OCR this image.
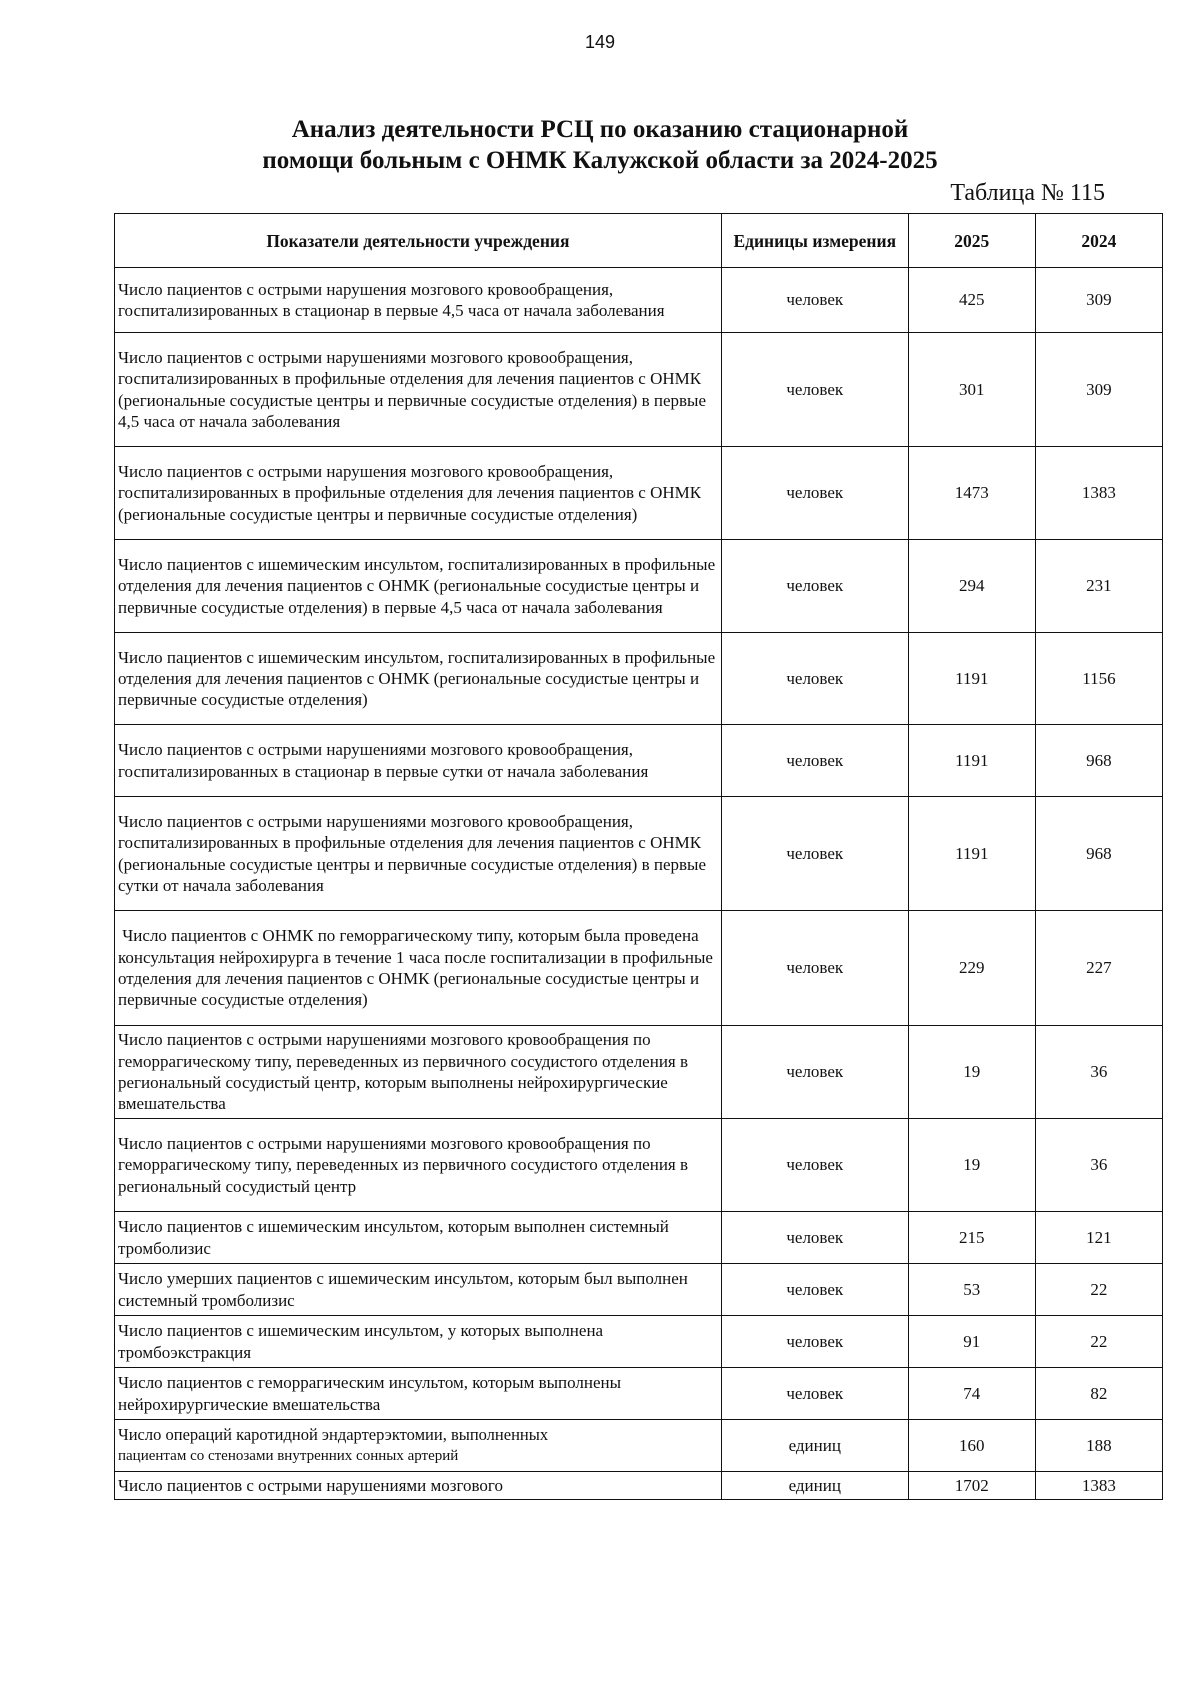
149
Анализ деятельности РСЦ по оказанию стационарной
помощи больным с ОНМК Калужской области за 2024-2025
Таблица № 115
Показатели деятельности учреждения	Единицы измерения	2025	2024
Число пациентов с острыми нарушения мозгового кровообращения, госпитализированных в стационар в первые 4,5 часа от начала заболевания	человек	425	309
Число пациентов с острыми нарушениями мозгового кровообращения, госпитализированных в профильные отделения для лечения пациентов с ОНМК (региональные сосудистые центры и первичные сосудистые отделения) в первые 4,5 часа от начала заболевания	человек	301	309
Число пациентов с острыми нарушения мозгового кровообращения, госпитализированных в профильные отделения для лечения пациентов с ОНМК (региональные сосудистые центры и первичные сосудистые отделения)	человек	1473	1383
Число пациентов с ишемическим инсультом, госпитализированных в профильные отделения для лечения пациентов с ОНМК (региональные сосудистые центры и первичные сосудистые отделения) в первые 4,5 часа от начала заболевания	человек	294	231
Число пациентов с ишемическим инсультом, госпитализированных в профильные отделения для лечения пациентов с ОНМК (региональные сосудистые центры и первичные сосудистые отделения)	человек	1191	1156
Число пациентов с острыми нарушениями мозгового кровообращения, госпитализированных в стационар в первые сутки от начала заболевания	человек	1191	968
Число пациентов с острыми нарушениями мозгового кровообращения, госпитализированных в профильные отделения для лечения пациентов с ОНМК (региональные сосудистые центры и первичные сосудистые отделения) в первые сутки от начала заболевания	человек	1191	968
Число пациентов с ОНМК по геморрагическому типу, которым была проведена консультация нейрохирурга в течение 1 часа после госпитализации в профильные отделения для лечения пациентов с ОНМК (региональные сосудистые центры и первичные сосудистые отделения)	человек	229	227
Число пациентов с острыми нарушениями мозгового кровообращения по геморрагическому типу, переведенных из первичного сосудистого отделения в региональный сосудистый центр, которым выполнены нейрохирургические вмешательства	человек	19	36
Число пациентов с острыми нарушениями мозгового кровообращения по геморрагическому типу, переведенных из первичного сосудистого отделения в региональный сосудистый центр	человек	19	36
Число пациентов с ишемическим инсультом, которым выполнен системный тромболизис	человек	215	121
Число умерших пациентов с ишемическим инсультом, которым был выполнен системный тромболизис	человек	53	22
Число пациентов с ишемическим инсультом, у которых выполнена тромбоэкстракция	человек	91	22
Число пациентов с геморрагическим инсультом, которым выполнены нейрохирургические вмешательства	человек	74	82

Число операций каротидной эндартерэктомии, выполненных
пациентам со стенозами внутренних сонных артерий	единиц	160	188
Число пациентов с острыми нарушениями мозгового	единиц	1702	1383
